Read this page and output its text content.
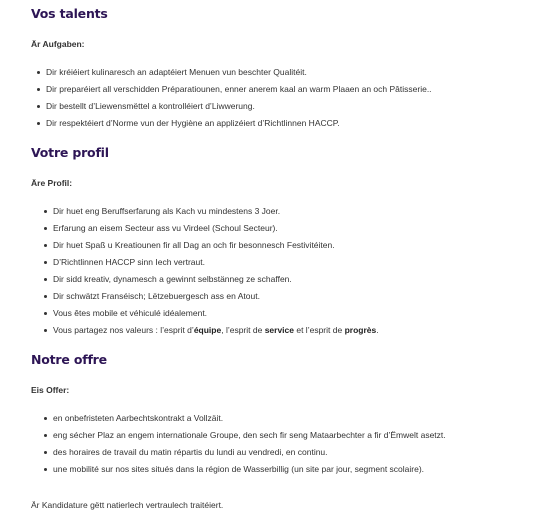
Vos talents

Är Aufgaben:

Dir kréiéiert kulinaresch an adaptéiert Menuen vun beschter Qualitéit.
Dir preparéiert all verschidden Préparatiounen, enner anerem kaal an warm Plaaen an och Pâtisserie..
Dir bestellt d’Liewensmëttel a kontrolléiert d’Liwwerung.
Dir respektéiert d’Norme vun der Hygiène an applizéiert d’Richtlinnen HACCP.
Votre profil

Äre Profil:

Dir huet eng Beruffserfarung als Kach vu mindestens 3 Joer.
Erfarung an eisem Secteur ass vu Virdeel (Schoul Secteur).
Dir huet Spaß u Kreatiounen fir all Dag an och fir besonnesch Festivitéiten.
D’Richtlinnen HACCP sinn Iech vertraut.
Dir sidd kreativ, dynamesch a gewinnt selbstänneg ze schaffen.
Dir schwätzt Franséisch; Lëtzebuergesch ass en Atout.
Vous êtes mobile et véhiculé idéalement.
Vous partagez nos valeurs : l’esprit d’équipe, l’esprit de service et l’esprit de progrès.
Notre offre

Eis Offer:

en onbefristeten Aarbechtskontrakt a Vollzäit.
eng sécher Plaz an engem internationale Groupe, den sech fir seng Mataarbechter a fir d’Ëmwelt asetzt.
des horaires de travail du matin répartis du lundi au vendredi, en continu.
une mobilité sur nos sites situés dans la région de Wasserbillig (un site par jour, segment scolaire).

Är Kandidature gëtt natierlech vertraulech traitéiert.
